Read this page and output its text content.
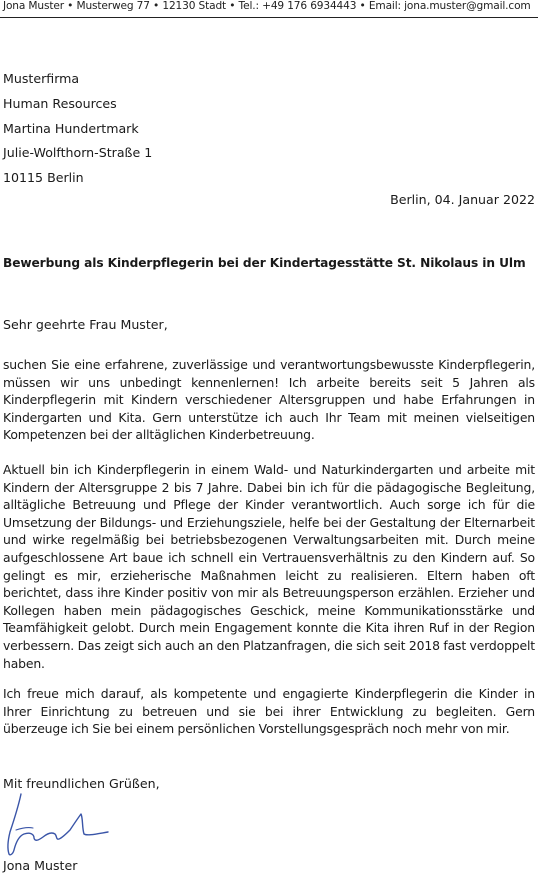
Jona Muster • Musterweg 77 • 12130 Stadt • Tel.: +49 176 6934443 • Email: jona.muster@gmail.com
Musterfirma
Human Resources
Martina Hundertmark
Julie-Wolfthorn-Straße 1
10115 Berlin
Berlin, 04. Januar 2022
Bewerbung als Kinderpflegerin bei der Kindertagesstätte St. Nikolaus in Ulm
Sehr geehrte Frau Muster,
suchen Sie eine erfahrene, zuverlässige und verantwortungsbewusste Kinderpflegerin, müssen wir uns unbedingt kennenlernen! Ich arbeite bereits seit 5 Jahren als Kinderpflegerin mit Kindern verschiedener Altersgruppen und habe Erfahrungen in Kindergarten und Kita. Gern unterstütze ich auch Ihr Team mit meinen vielseitigen Kompetenzen bei der alltäglichen Kinderbetreuung.
Aktuell bin ich Kinderpflegerin in einem Wald- und Naturkindergarten und arbeite mit Kindern der Altersgruppe 2 bis 7 Jahre. Dabei bin ich für die pädagogische Begleitung, alltägliche Betreuung und Pflege der Kinder verantwortlich. Auch sorge ich für die Umsetzung der Bildungs- und Erziehungsziele, helfe bei der Gestaltung der Elternarbeit und wirke regelmäßig bei betriebsbezogenen Verwaltungsarbeiten mit. Durch meine aufgeschlossene Art baue ich schnell ein Vertrauensverhältnis zu den Kindern auf. So gelingt es mir, erzieherische Maßnahmen leicht zu realisieren. Eltern haben oft berichtet, dass ihre Kinder positiv von mir als Betreuungsperson erzählen. Erzieher und Kollegen haben mein pädagogisches Geschick, meine Kommunikationsstärke und Teamfähigkeit gelobt. Durch mein Engagement konnte die Kita ihren Ruf in der Region verbessern. Das zeigt sich auch an den Platzanfragen, die sich seit 2018 fast verdoppelt haben.
Ich freue mich darauf, als kompetente und engagierte Kinderpflegerin die Kinder in Ihrer Einrichtung zu betreuen und sie bei ihrer Entwicklung zu begleiten. Gern überzeuge ich Sie bei einem persönlichen Vorstellungsgespräch noch mehr von mir.
Mit freundlichen Grüßen,
Jona Muster
